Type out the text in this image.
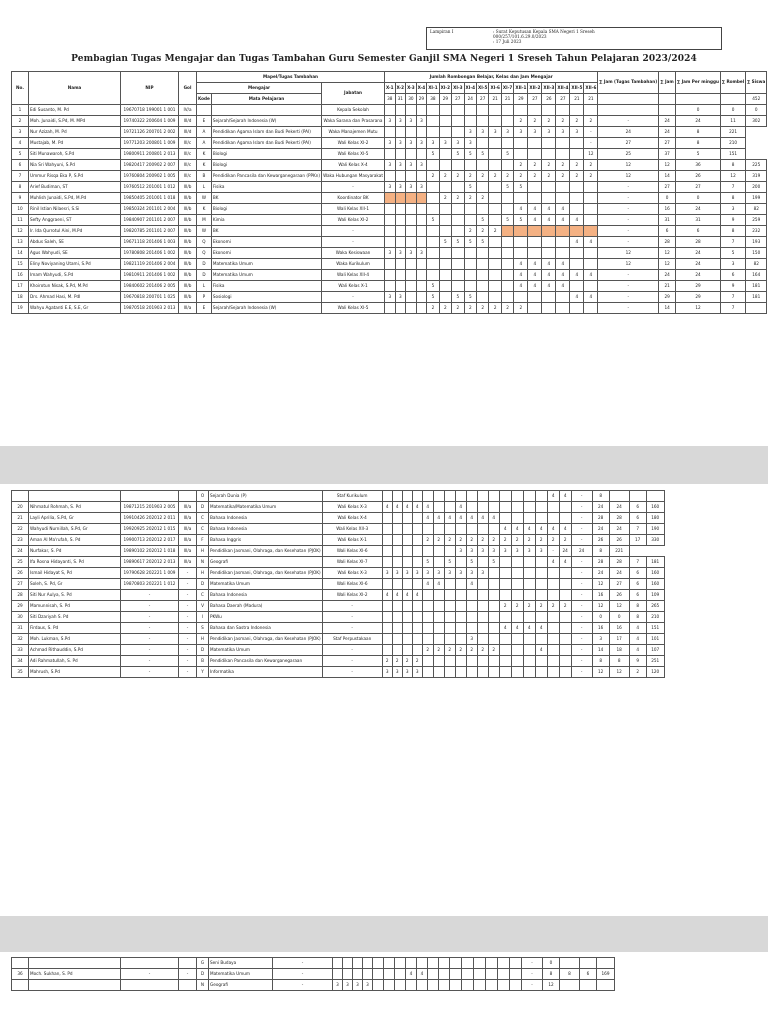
Lampiran I	: Surat Keputusan Kepala SMA Negeri 1 Sreseh
000/257/101.6.29.0/2023
: 17 Juli 2023
Pembagian Tugas Mengajar dan Tugas Tambahan Guru Semester Ganjil SMA Negeri 1 Sreseh Tahun Pelajaran 2023/2024
No.	Nama	NIP	Gol	Mapel/Tugas Tambahan			Jumlah Rombongan Belajar, Kelas dan Jam Mengajar																	∑ Jam (Tugas Tambahan)	∑ Jam	∑ Jam Per minggu	∑ Rombel	∑ Siswa
				Mengajar		Jabatan	X-1	X-2	X-3	X-4	XI-1	XI-2	XI-3	XI-4	XI-5	XI-6	XI-7	XII-1	XII-2	XII-3	XII-4	XII-5	XII-6					
				Kode	Mata Pelajaran		38	31	30	29	38	29	27	24	27	21	21	29	27	26	27	21	21					452
1	Edi Susanto, M. Pd	19670718 199001 1 001	IV/a			Kepala Sekolah																				0	0	0
2	Moh. Junaidi, S.Pd, M. MPd	19740322 200604 1 009	III/d	E	Sejarah/Sejarah Indonesia (W)	Waka Sarana dan Prasarana	3	3	3	3								2	2	2	2	2	2	-	24	24	11	302
3	Nur Azizah, M. Pd	19721126 200701 2 002	III/d	A	Pendidikan Agama Islam dan Budi Pekerti (PAI)	Waka Manajemen Mutu								3	3	3	3	3	3	3	3	3	-	24	24	8	221	
4	Mustajab, M. Pd	19771203 200801 1 009	III/c	A	Pendidikan Agama Islam dan Budi Pekerti (PAI)	Wali Kelas XI-2	3	3	3	3	3	3	3	3									-	27	27	8	210	
5	Siti Munawaroh, S.Pd	19800911 200801 2 013	III/c	K	Biologi	Wali Kelas XI-5					5		5	5	5		5						12	25	37	5	151	
6	Nia Sri Wahyuni, S.Pd	19820417 200902 2 007	III/c	K	Biologi	Wali Kelas X-4	3	3	3	3								2	2	2	2	2	2	12	12	36	8	225
7	Ummur Risqa Eka P, S.Pd	19760804 200902 1 005	III/c	B	Pendidikan Pancasila dan Kewarganegaraan (PPKn)	Waka Hubungan Masyarakat					2	2	2	2	2	2	2	2	2	2	2	2	2	12	14	26	12	319
8	Arief Budiman, ST	19760512 201001 1 012	III/b	L	Fisika	-	3	3	3	3				5			5	5						-	27	27	7	200
9	Muhlish Junaidi, S.Pd, M.Pd	19850405 201001 1 018	III/b	W	BK	Koordinator BK						2	2	2	2									-	0	0	8	199
10	Rinil Istian Nilaesri, S.Si	19850324 201101 2 004	III/b	K	Biologi	Wali Kelas XII-1												4	4	4	4			-	16	24	3	82
11	Sefty Anggraeni, ST	19840907 201101 2 007	III/b	M	Kimia	Wali Kelas XI-2					5				5		5	5	4	4	4	4		-	31	31	9	259
12	Ir. Ida Qurrotul Aini, M.Pd	19820785 201101 2 007	III/b	W	BK	-								2	2	2								-	6	6	8	232
13	Abdus Saleh, SE	19671118 201406 1 003	III/b	Q	Ekonomi	-						5	5	5	5							4	4	-	28	28	7	193
14	Agus Wahyudi, SE	19780808 201406 1 002	III/b	Q	Ekonomi	Waka Kesiswaan	3	3	3	3														12	12	24	5	150
15	Eliny Noviyaning Utami, S.Pd	19821119 201406 2 004	III/b	D	Matematika Umum	Waka Kurikulum												4	4	4	4			12	12	24	3	82
16	Imam Wahyudi, S.Pd	19810911 201406 1 002	III/b	D	Matematika Umum	Wali Kelas XII-4												4	4	4	4	4	4	-	24	24	6	164
17	Khoirotun Nisak, S.Pd, M.Pd	19840602 201406 2 005	III/b	L	Fisika	Wali Kelas X-1					5							4	4	4	4			-	21	29	9	181
18	Drs. Ahmad Hasi, M. PdI	19670818 200701 1 025	III/b	P	Sosiologi	-	3	3			5		5	5								4	4	-	29	29	7	181
19	Wahyu Agatanti E.E, S.E, Gr	19870518 201903 2 013	III/a	E	Sejarah/Sejarah Indonesia (W)	Wali Kelas XI-5					2	2	2	2	2	2	2	2						-	14	12	7	
				O	Sejarah Dunia (P)	Staf Kurikulum																4	4	-	8			
20	Nihmatul Rohmah, S. Pd	19871215 201903 2 005	III/a	D	Matematika/Matematika Umum	Wali Kelas X-3	4	4	4	4	4			4										-	24	24	6	160
21	Layli Aprilia, S.Pd, Gr	19910426 202012 2 011	III/a	C	Bahasa Indonesia	Wali Kelas X-4					4	4	4	4	4	4	4							-	28	28	6	180
22	Wahyudi Nurnillah, S.Pd, Gr	19920925 202012 1 015	III/a	C	Bahasa Indonesia	Wali Kelas XII-3												4	4	4	4	4	4	-	24	24	7	190
23	Aman Al Ma'rufah, S. Pd	19900713 202012 2 017	III/a	F	Bahasa Inggris	Wali Kelas X-1					2	2	2	2	2	2	2	2	2	2	2	2	2	-	26	26	17	330
24	Nurfakar, S. Pd	19890102 202012 1 018	III/a	H	Pendidikan Jasmani, Olahraga, dan Kesehatan (PJOK)	Wali Kelas XI-6								3	3	3	3	3	3	3	3	-	24	24	8	221		
25	Ifa Rosna Hidayanti, S. Pd	19890617 202012 2 013	III/a	N	Geografi	Wali Kelas XI-7					5		5		5		5					4	4	-	28	28	7	181
26	Ismail Hidayat S, Pd	19790628 202221 1 009	-	H	Pendidikan Jasmani, Olahraga, dan Kesehatan (PJOK)	Wali Kelas X-3	3	3	3	3	3	3	3	3	3	3								-	24	24	6	160
27	Soleh, S. Pd, Gr	19870803 202221 1 012	-	D	Matematika Umum	Wali Kelas XI-6					4	4			4									-	12	27	6	160
28	Siti Nur Aulya, S. Pd	-	-	C	Bahasa Indonesia	Wali Kelas XI-2	4	4	4	4														-	16	26	6	109
29	Mamunnisah, S. Pd	-	-	V	Bahasa Daerah (Madura)	-												2	2	2	2	2	2	-	12	12	8	265
30	Siti Dzariyah S. Pd	-	-	I	PKWu	-																		-	0	0	8	210
31	Firdaus, S. Pd	-	-	S	Bahasa dan Sastra Indonesia	-												4	4	4	4			-	16	16	4	151
32	Moh. Lukman, S.Pd	-	-	H	Pendidikan Jasmani, Olahraga, dan Kesehatan (PJOK)	Staf Perpustakaan									3									-	3	17	4	101
33	Achmad Rithauddin, S.Pd	-	-	D	Matematika Umum	-					2	2	2	2	2	2	2				4			-	14	18	4	107
34	Adi Rahmatullah, S. Pd	-	-	B	Pendidikan Pancasila dan Kewarganegaraan	-	2	2	2	2														-	8	8	9	251
35	Mahrush, S.Pd	-	-	Y	Informatika	-	3	3	3	3														-	12	12	2	120
				G	Seni Budaya	-																		-	0			
36	Moch. Sukhan, S. Pd	-	-	D	Matematika Umum	-								4	4									-	8	8	6	169
				N	Geografi	-	3	3	3	3														-	12			
